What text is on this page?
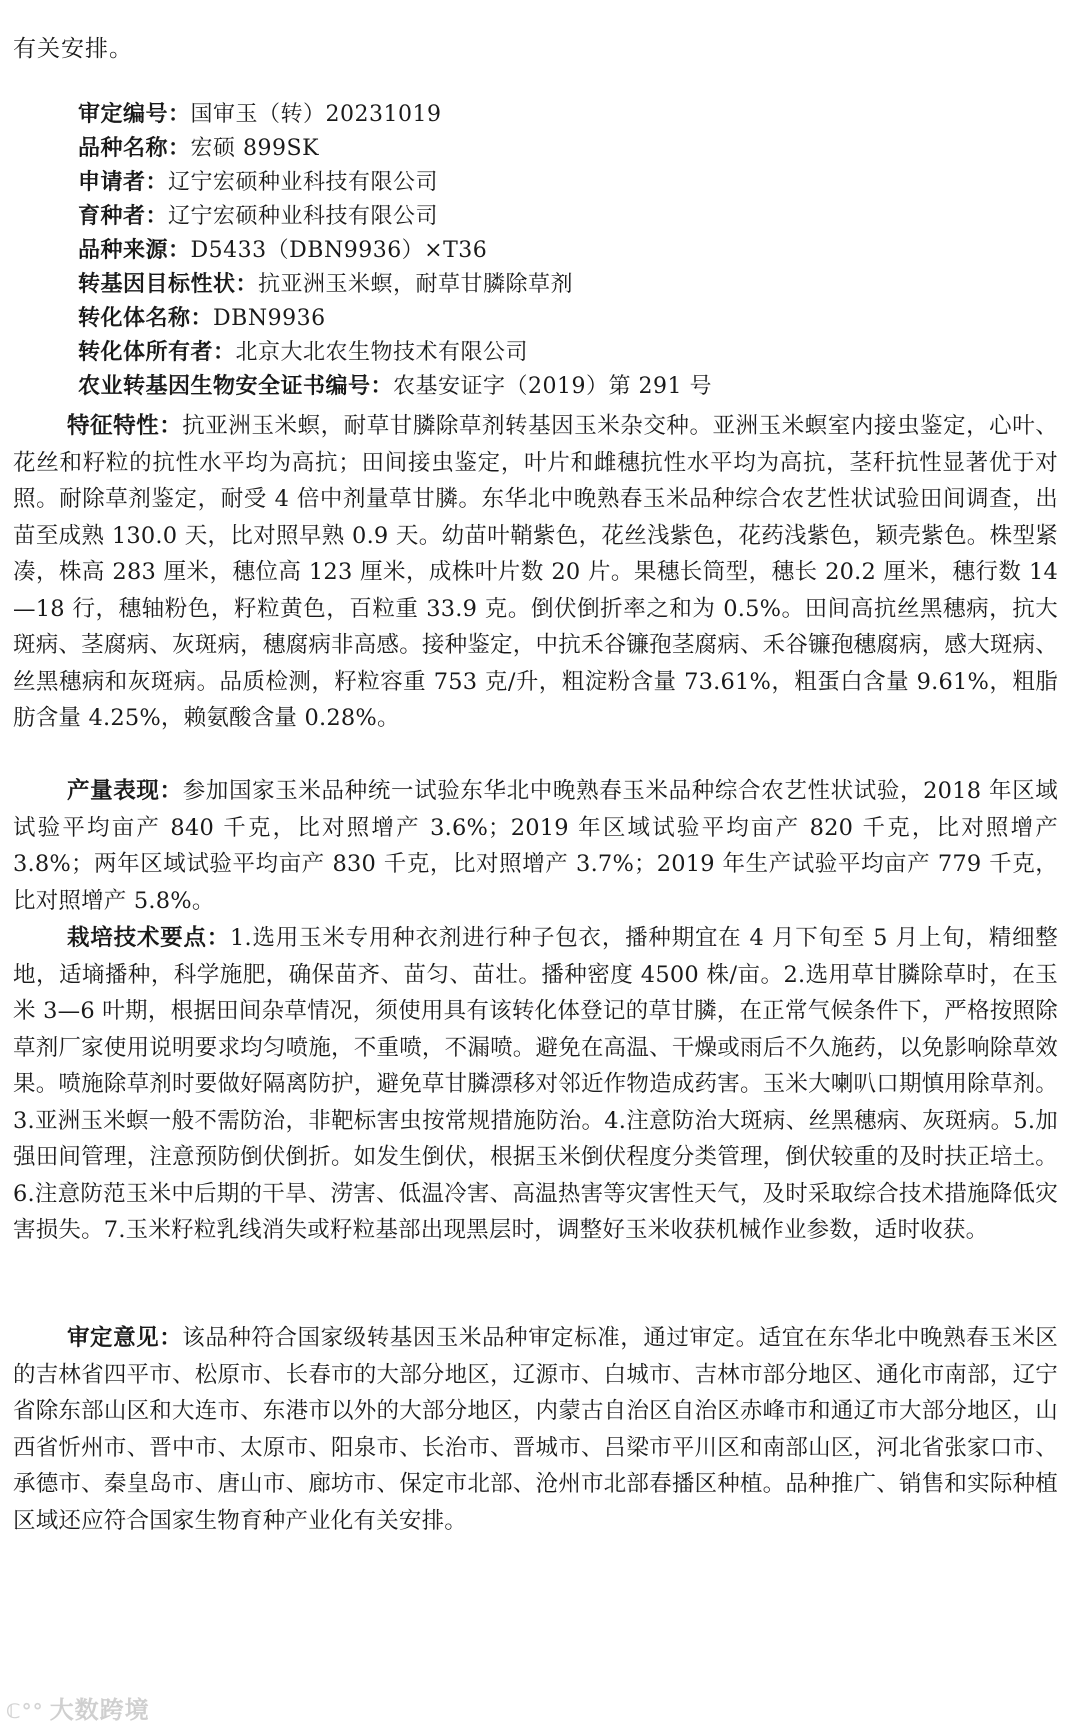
有关安排。
审定编号：国审玉（转）20231019
品种名称：宏硕 899SK
申请者：辽宁宏硕种业科技有限公司
育种者：辽宁宏硕种业科技有限公司
品种来源：D5433（DBN9936）×T36
转基因目标性状：抗亚洲玉米螟，耐草甘膦除草剂
转化体名称：DBN9936
转化体所有者：北京大北农生物技术有限公司
农业转基因生物安全证书编号：农基安证字（2019）第 291 号
特征特性：抗亚洲玉米螟，耐草甘膦除草剂转基因玉米杂交种。亚洲玉米螟室内接虫鉴定，心叶、花丝和籽粒的抗性水平均为高抗；田间接虫鉴定，叶片和雌穗抗性水平均为高抗，茎秆抗性显著优于对照。耐除草剂鉴定，耐受 4 倍中剂量草甘膦。东华北中晚熟春玉米品种综合农艺性状试验田间调查，出苗至成熟 130.0 天，比对照早熟 0.9 天。幼苗叶鞘紫色，花丝浅紫色，花药浅紫色，颖壳紫色。株型紧凑，株高 283 厘米，穗位高 123 厘米，成株叶片数 20 片。果穗长筒型，穗长 20.2 厘米，穗行数 14—18 行，穗轴粉色，籽粒黄色，百粒重 33.9 克。倒伏倒折率之和为 0.5%。田间高抗丝黑穗病，抗大斑病、茎腐病、灰斑病，穗腐病非高感。接种鉴定，中抗禾谷镰孢茎腐病、禾谷镰孢穗腐病，感大斑病、丝黑穗病和灰斑病。品质检测，籽粒容重 753 克/升，粗淀粉含量 73.61%，粗蛋白含量 9.61%，粗脂肪含量 4.25%，赖氨酸含量 0.28%。
产量表现：参加国家玉米品种统一试验东华北中晚熟春玉米品种综合农艺性状试验，2018 年区域试验平均亩产 840 千克，比对照增产 3.6%；2019 年区域试验平均亩产 820 千克，比对照增产 3.8%；两年区域试验平均亩产 830 千克，比对照增产 3.7%；2019 年生产试验平均亩产 779 千克，比对照增产 5.8%。
栽培技术要点：1.选用玉米专用种衣剂进行种子包衣，播种期宜在 4 月下旬至 5 月上旬，精细整地，适墒播种，科学施肥，确保苗齐、苗匀、苗壮。播种密度 4500 株/亩。2.选用草甘膦除草时，在玉米 3—6 叶期，根据田间杂草情况，须使用具有该转化体登记的草甘膦，在正常气候条件下，严格按照除草剂厂家使用说明要求均匀喷施，不重喷，不漏喷。避免在高温、干燥或雨后不久施药，以免影响除草效果。喷施除草剂时要做好隔离防护，避免草甘膦漂移对邻近作物造成药害。玉米大喇叭口期慎用除草剂。3.亚洲玉米螟一般不需防治，非靶标害虫按常规措施防治。4.注意防治大斑病、丝黑穗病、灰斑病。5.加强田间管理，注意预防倒伏倒折。如发生倒伏，根据玉米倒伏程度分类管理，倒伏较重的及时扶正培土。6.注意防范玉米中后期的干旱、涝害、低温冷害、高温热害等灾害性天气，及时采取综合技术措施降低灾害损失。7.玉米籽粒乳线消失或籽粒基部出现黑层时，调整好玉米收获机械作业参数，适时收获。
审定意见：该品种符合国家级转基因玉米品种审定标准，通过审定。适宜在东华北中晚熟春玉米区的吉林省四平市、松原市、长春市的大部分地区，辽源市、白城市、吉林市部分地区、通化市南部，辽宁省除东部山区和大连市、东港市以外的大部分地区，内蒙古自治区自治区赤峰市和通辽市大部分地区，山西省忻州市、晋中市、太原市、阳泉市、长治市、晋城市、吕梁市平川区和南部山区，河北省张家口市、承德市、秦皇岛市、唐山市、廊坊市、保定市北部、沧州市北部春播区种植。品种推广、销售和实际种植区域还应符合国家生物育种产业化有关安排。
ℂ°° 大数跨境
